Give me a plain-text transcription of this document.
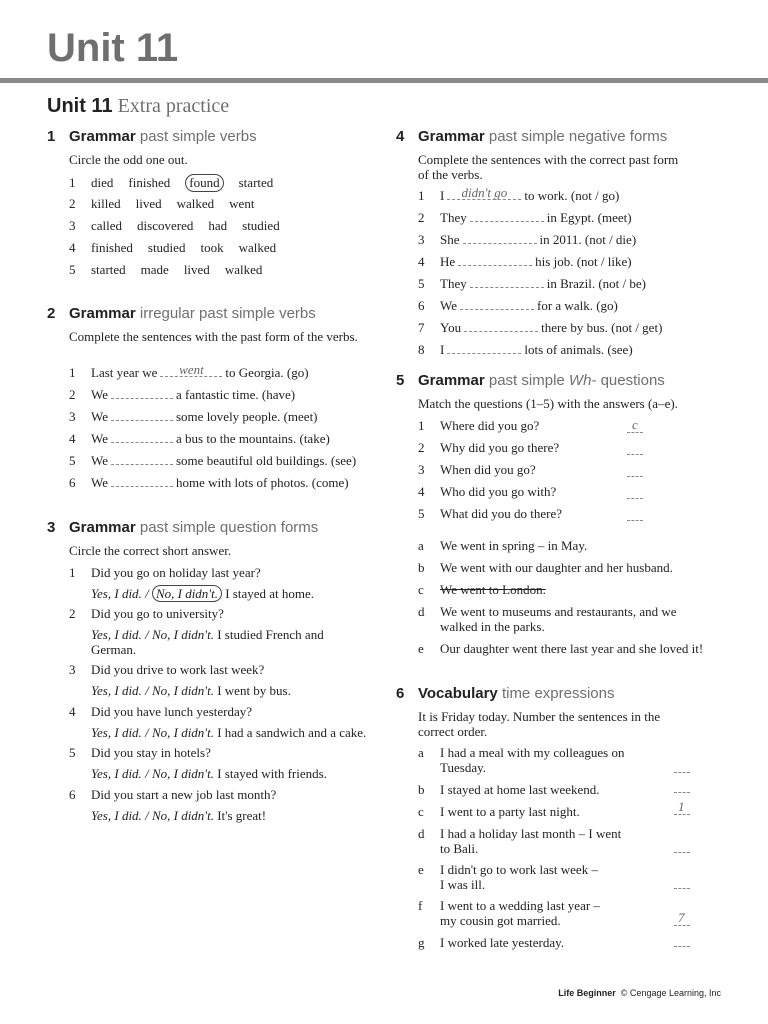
Unit 11
Unit 11 Extra practice
1 Grammar past simple verbs
Circle the odd one out.
1 died finished found started
2 killed lived walked went
3 called discovered had studied
4 finished studied took walked
5 started made lived walked
2 Grammar irregular past simple verbs
Complete the sentences with the past form of the verbs.
1 Last year we went to Georgia. (go)
2 We	a fantastic time. (have)
3 We	some lovely people. (meet)
4 We	a bus to the mountains. (take)
5 We	some beautiful old buildings. (see)
6 We	home with lots of photos. (come)
3 Grammar past simple question forms
Circle the correct short answer.
1 Did you go on holiday last year?
Yes, I did. / No, I didn't. I stayed at home.
2 Did you go to university?
Yes, I did. / No, I didn't. I studied French and
German.
3 Did you drive to work last week?
Yes, I did. / No, I didn't. I went by bus.
4 Did you have lunch yesterday?
Yes, I did. / No, I didn't. I had a sandwich and a cake.
5 Did you stay in hotels?
Yes, I did. / No, I didn't. I stayed with friends.
6 Did you start a new job last month?
Yes, I did. / No, I didn't. It's great!
4 Grammar past simple negative forms
Complete the sentences with the correct past form
of the verbs.
1 I didn't go to work. (not / go)
2 They	in Egypt. (meet)
3 She	in 2011. (not / die)
4 He	his job. (not / like)
5 They	in Brazil. (not / be)
6 We	for a walk. (go)
7 You	there by bus. (not / get)
8 I	lots of animals. (see)
5 Grammar past simple Wh- questions
Match the questions (1–5) with the answers (a–e).
1 Where did you go?	c
2 Why did you go there?
3 When did you go?
4 Who did you go with?
5 What did you do there?
a We went in spring – in May.
b We went with our daughter and her husband.
c We went to London.
d We went to museums and restaurants, and we
walked in the parks.
e Our daughter went there last year and she loved it!
6 Vocabulary time expressions
It is Friday today. Number the sentences in the
correct order.
a I had a meal with my colleagues on
Tuesday.
b I stayed at home last weekend.
c I went to a party last night.	1
d I had a holiday last month – I went
to Bali.
e I didn't go to work last week –
I was ill.
f I went to a wedding last year –
my cousin got married.	7
g I worked late yesterday.
Life Beginner © Cengage Learning, Inc
